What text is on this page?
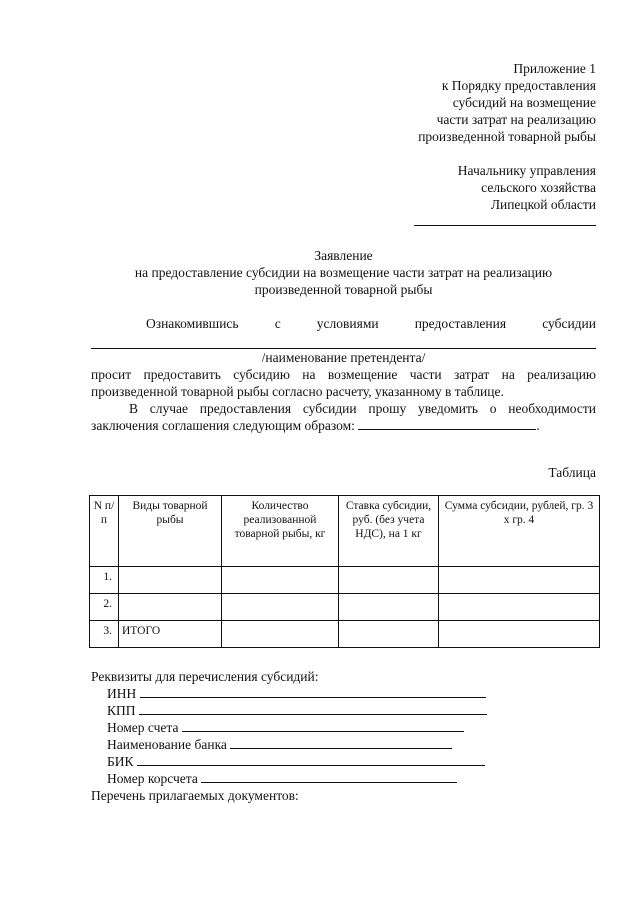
Приложение 1
к Порядку предоставления
субсидий на возмещение
части затрат на реализацию
произведенной товарной рыбы
Начальнику управления
сельского хозяйства
Липецкой области
Заявление
на предоставление субсидии на возмещение части затрат на реализацию
произведенной товарной рыбы
Ознакомившись с условиями предоставления субсидии
/наименование претендента/
просит предоставить субсидию на возмещение части затрат на реализацию произведенной товарной рыбы согласно расчету, указанному в таблице.
В случае предоставления субсидии прошу уведомить о необходимости заключения соглашения следующим образом:	.
Таблица
N п/п	Виды товарной рыбы	Количество реализованной товарной рыбы, кг	Ставка субсидии, руб. (без учета НДС), на 1 кг	Сумма субсидии, рублей, гр. 3 x гр. 4
1.				
2.				
3.	ИТОГО			
Реквизиты для перечисления субсидий:
ИНН
КПП
Номер счета
Наименование банка
БИК
Номер корсчета
Перечень прилагаемых документов:
